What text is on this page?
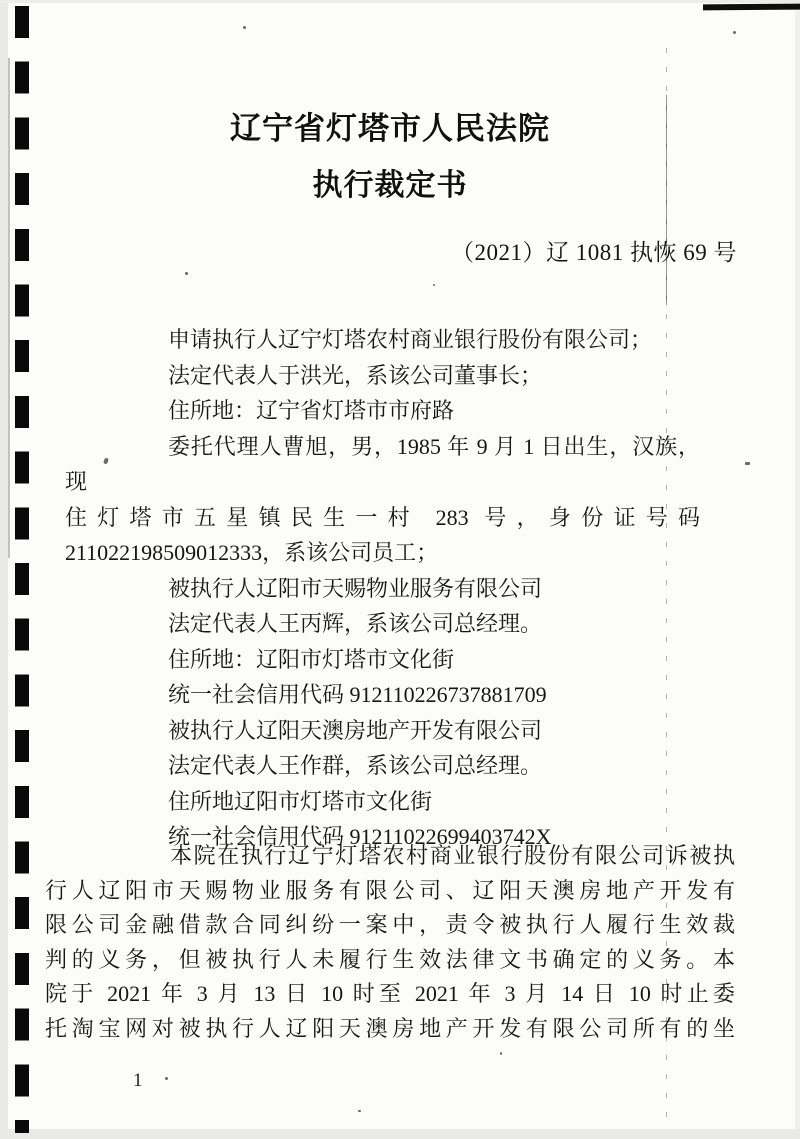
辽宁省灯塔市人民法院
执行裁定书
（2021）辽 1081 执恢 69 号
申请执行人辽宁灯塔农村商业银行股份有限公司；
法定代表人于洪光，系该公司董事长；
住所地：辽宁省灯塔市市府路
委托代理人曹旭，男，1985 年 9 月 1 日出生，汉族，现
住灯塔市五星镇民生一村 283 号，身份证号码
211022198509012333，系该公司员工；
被执行人辽阳市天赐物业服务有限公司
法定代表人王丙辉，系该公司总经理。
住所地：辽阳市灯塔市文化街
统一社会信用代码 912110226737881709
被执行人辽阳天澳房地产开发有限公司
法定代表人王作群，系该公司总经理。
住所地辽阳市灯塔市文化街
统一社会信用代码 91211022699403742X
本院在执行辽宁灯塔农村商业银行股份有限公司诉被执
行人辽阳市天赐物业服务有限公司、辽阳天澳房地产开发有
限公司金融借款合同纠纷一案中，责令被执行人履行生效裁
判的义务，但被执行人未履行生效法律文书确定的义务。本
院于 2021 年 3 月 13 日 10 时至 2021 年 3 月 14 日 10 时止委
托淘宝网对被执行人辽阳天澳房地产开发有限公司所有的坐
1
